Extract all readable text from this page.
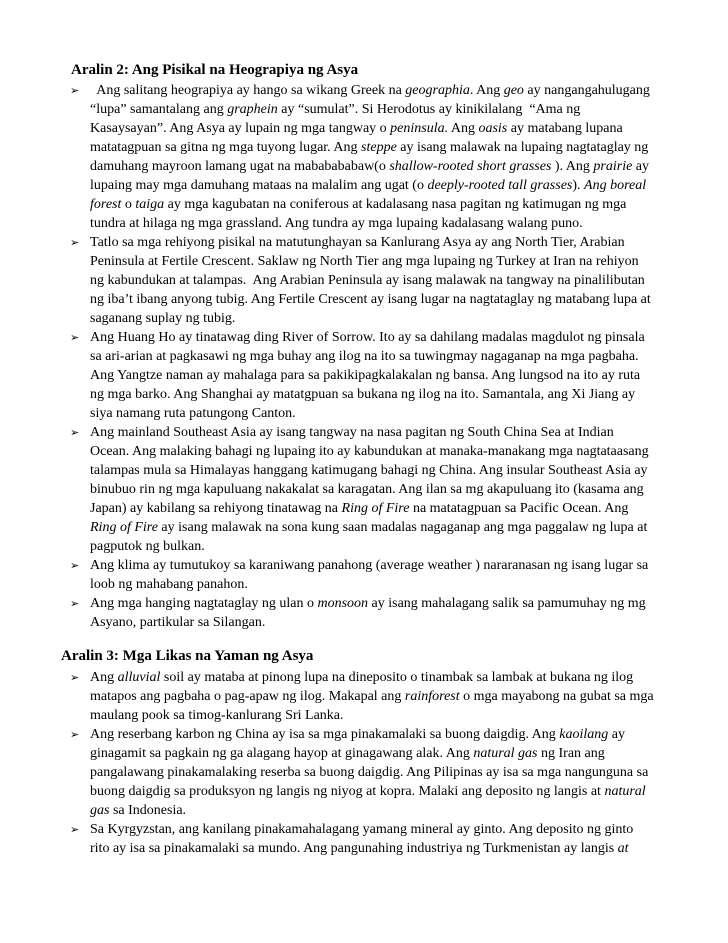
Aralin 2: Ang Pisikal na Heograpiya ng Asya
➢ Ang salitang heograpiya ay hango sa wikang Greek na geographia. Ang geo ay nangangahulugang
“lupa” samantalang ang graphein ay “sumulat”. Si Herodotus ay kinikilalang  “Ama ng
Kasaysayan”. Ang Asya ay lupain ng mga tangway o peninsula. Ang oasis ay matabang lupana
matatagpuan sa gitna ng mga tuyong lugar. Ang steppe ay isang malawak na lupaing nagtataglay ng
damuhang mayroon lamang ugat na mababababaw(o shallow-rooted short grasses ). Ang prairie ay
lupaing may mga damuhang mataas na malalim ang ugat (o deeply-rooted tall grasses). Ang boreal
forest o taiga ay mga kagubatan na coniferous at kadalasang nasa pagitan ng katimugan ng mga
tundra at hilaga ng mga grassland. Ang tundra ay mga lupaing kadalasang walang puno.
➢ Tatlo sa mga rehiyong pisikal na matutunghayan sa Kanlurang Asya ay ang North Tier, Arabian
Peninsula at Fertile Crescent. Saklaw ng North Tier ang mga lupaing ng Turkey at Iran na rehiyon
ng kabundukan at talampas.  Ang Arabian Peninsula ay isang malawak na tangway na pinalilibutan
ng iba’t ibang anyong tubig. Ang Fertile Crescent ay isang lugar na nagtataglay ng matabang lupa at
saganang suplay ng tubig.
➢ Ang Huang Ho ay tinatawag ding River of Sorrow. Ito ay sa dahilang madalas magdulot ng pinsala
sa ari-arian at pagkasawi ng mga buhay ang ilog na ito sa tuwingmay nagaganap na mga pagbaha.
Ang Yangtze naman ay mahalaga para sa pakikipagkalakalan ng bansa. Ang lungsod na ito ay ruta
ng mga barko. Ang Shanghai ay matatgpuan sa bukana ng ilog na ito. Samantala, ang Xi Jiang ay
siya namang ruta patungong Canton.
➢ Ang mainland Southeast Asia ay isang tangway na nasa pagitan ng South China Sea at Indian
Ocean. Ang malaking bahagi ng lupaing ito ay kabundukan at manaka-manakang mga nagtataasang
talampas mula sa Himalayas hanggang katimugang bahagi ng China. Ang insular Southeast Asia ay
binubuo rin ng mga kapuluang nakakalat sa karagatan. Ang ilan sa mg akapuluang ito (kasama ang
Japan) ay kabilang sa rehiyong tinatawag na Ring of Fire na matatagpuan sa Pacific Ocean. Ang
Ring of Fire ay isang malawak na sona kung saan madalas nagaganap ang mga paggalaw ng lupa at
pagputok ng bulkan.
➢ Ang klima ay tumutukoy sa karaniwang panahong (average weather ) nararanasan ng isang lugar sa
loob ng mahabang panahon.
➢ Ang mga hanging nagtataglay ng ulan o monsoon ay isang mahalagang salik sa pamumuhay ng mg
Asyano, partikular sa Silangan.
Aralin 3: Mga Likas na Yaman ng Asya
➢ Ang alluvial soil ay mataba at pinong lupa na dineposito o tinambak sa lambak at bukana ng ilog
matapos ang pagbaha o pag-apaw ng ilog. Makapal ang rainforest o mga mayabong na gubat sa mga
maulang pook sa timog-kanlurang Sri Lanka.
➢ Ang reserbang karbon ng China ay isa sa mga pinakamalaki sa buong daigdig. Ang kaoilang ay
ginagamit sa pagkain ng ga alagang hayop at ginagawang alak. Ang natural gas ng Iran ang
pangalawang pinakamalaking reserba sa buong daigdig. Ang Pilipinas ay isa sa mga nangunguna sa
buong daigdig sa produksyon ng langis ng niyog at kopra. Malaki ang deposito ng langis at natural
gas sa Indonesia.
➢ Sa Kyrgyzstan, ang kanilang pinakamahalagang yamang mineral ay ginto. Ang deposito ng ginto
rito ay isa sa pinakamalaki sa mundo. Ang pangunahing industriya ng Turkmenistan ay langis at
